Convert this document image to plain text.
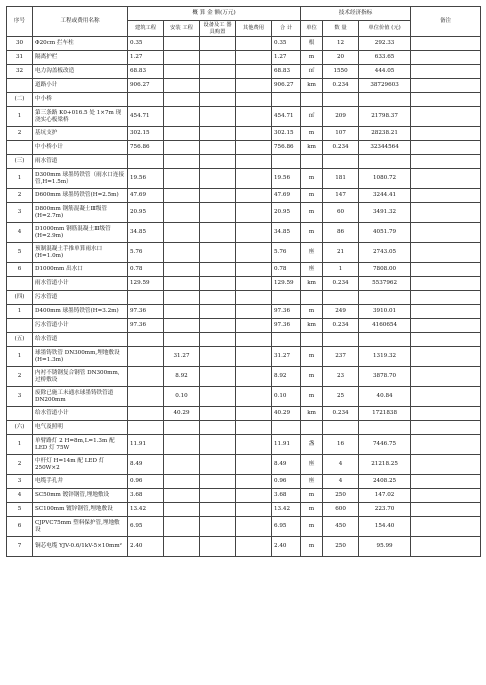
序号	工程或费用名称	概 算 金 额(万元)					技术经济指标			备注
		建筑工程	安装 工程	设备及工 器具购置	其他费用	合 计	单位	数 量	单位价值 (元)	
30	Φ20cm 拦车柱	0.35				0.35	根	12	292.33	
31	隔离护栏	1.27				1.27	m	20	633.65	
32	电力沟盖板改造	68.83				68.83	㎡	1550	444.05	
	道路小计	906.27				906.27	km	0.234	38729603	
(二)	中小桥									
1	第三条路 K0+016.5 处 1×7m 现浇实心板梁桥	454.71				454.71	㎡	209	21798.37	
2	基坑支护	302.15				302.15	m	107	28238.21	
	中小桥小计	756.86				756.86	km	0.234	32344564	
(三)	雨水管道									
1	D300mm 球墨铸铁管（雨水口连接管,H=1.5m）	19.56				19.56	m	181	1080.72	
2	D600mm 球墨铸铁管(H=2.5m)	47.69				47.69	m	147	3244.41	
3	D800mm 钢筋混凝土Ⅲ级管(H=2.7m)	20.95				20.95	m	60	3491.32	
4	D1000mm 钢筋混凝土Ⅲ级管(H=2.9m)	34.85				34.85	m	86	4051.79	
5	预制混凝土手推单算雨水口(H=1.0m)	5.76				5.76	座	21	2743.05	
6	D1000mm 出水口	0.78				0.78	座	1	7808.00	
	雨水管道小计	129.59				129.59	km	0.234	5537962	
(四)	污水管道									
1	D400mm 球墨铸铁管(H=3.2m)	97.36				97.36	m	249	3910.01	
	污水管道小计	97.36				97.36	km	0.234	4160654	
(五)	给水管道									
1	球墨铸铁管 DN300mm,埋地敷设(H=1.3m)		31.27			31.27	m	237	1319.32	
2	内衬不锈钢复合钢管 DN300mm,过桥敷设		8.92			8.92	m	23	3878.70	
3	废除已施工未通水球墨铸铁管道 DN200mm		0.10			0.10	m	25	40.84	
	给水管道小计		40.29			40.29	km	0.234	1721838	
(六)	电气及照明									
1	单臂路灯 2 H=8m,L=1.3m 配 LED 灯 75W	11.91				11.91	盏	16	7446.75	
2	中杆灯 H=14m 配 LED 灯 250W×2	8.49				8.49	座	4	21218.25	
3	电缆手孔井	0.96				0.96	座	4	2408.25	
4	SC50mm 镀锌钢管,埋地敷设	3.68				3.68	m	250	147.02	
5	SC100mm 镀锌钢管,埋地敷设	13.42				13.42	m	600	223.70	
6	CJPVC75mm 塑料保护管,埋地敷设	6.95				6.95	m	450	154.40	
7	铜芯电缆 YJV-0.6/1kV-5×10mm²	2.40				2.40	m	250	95.99	
